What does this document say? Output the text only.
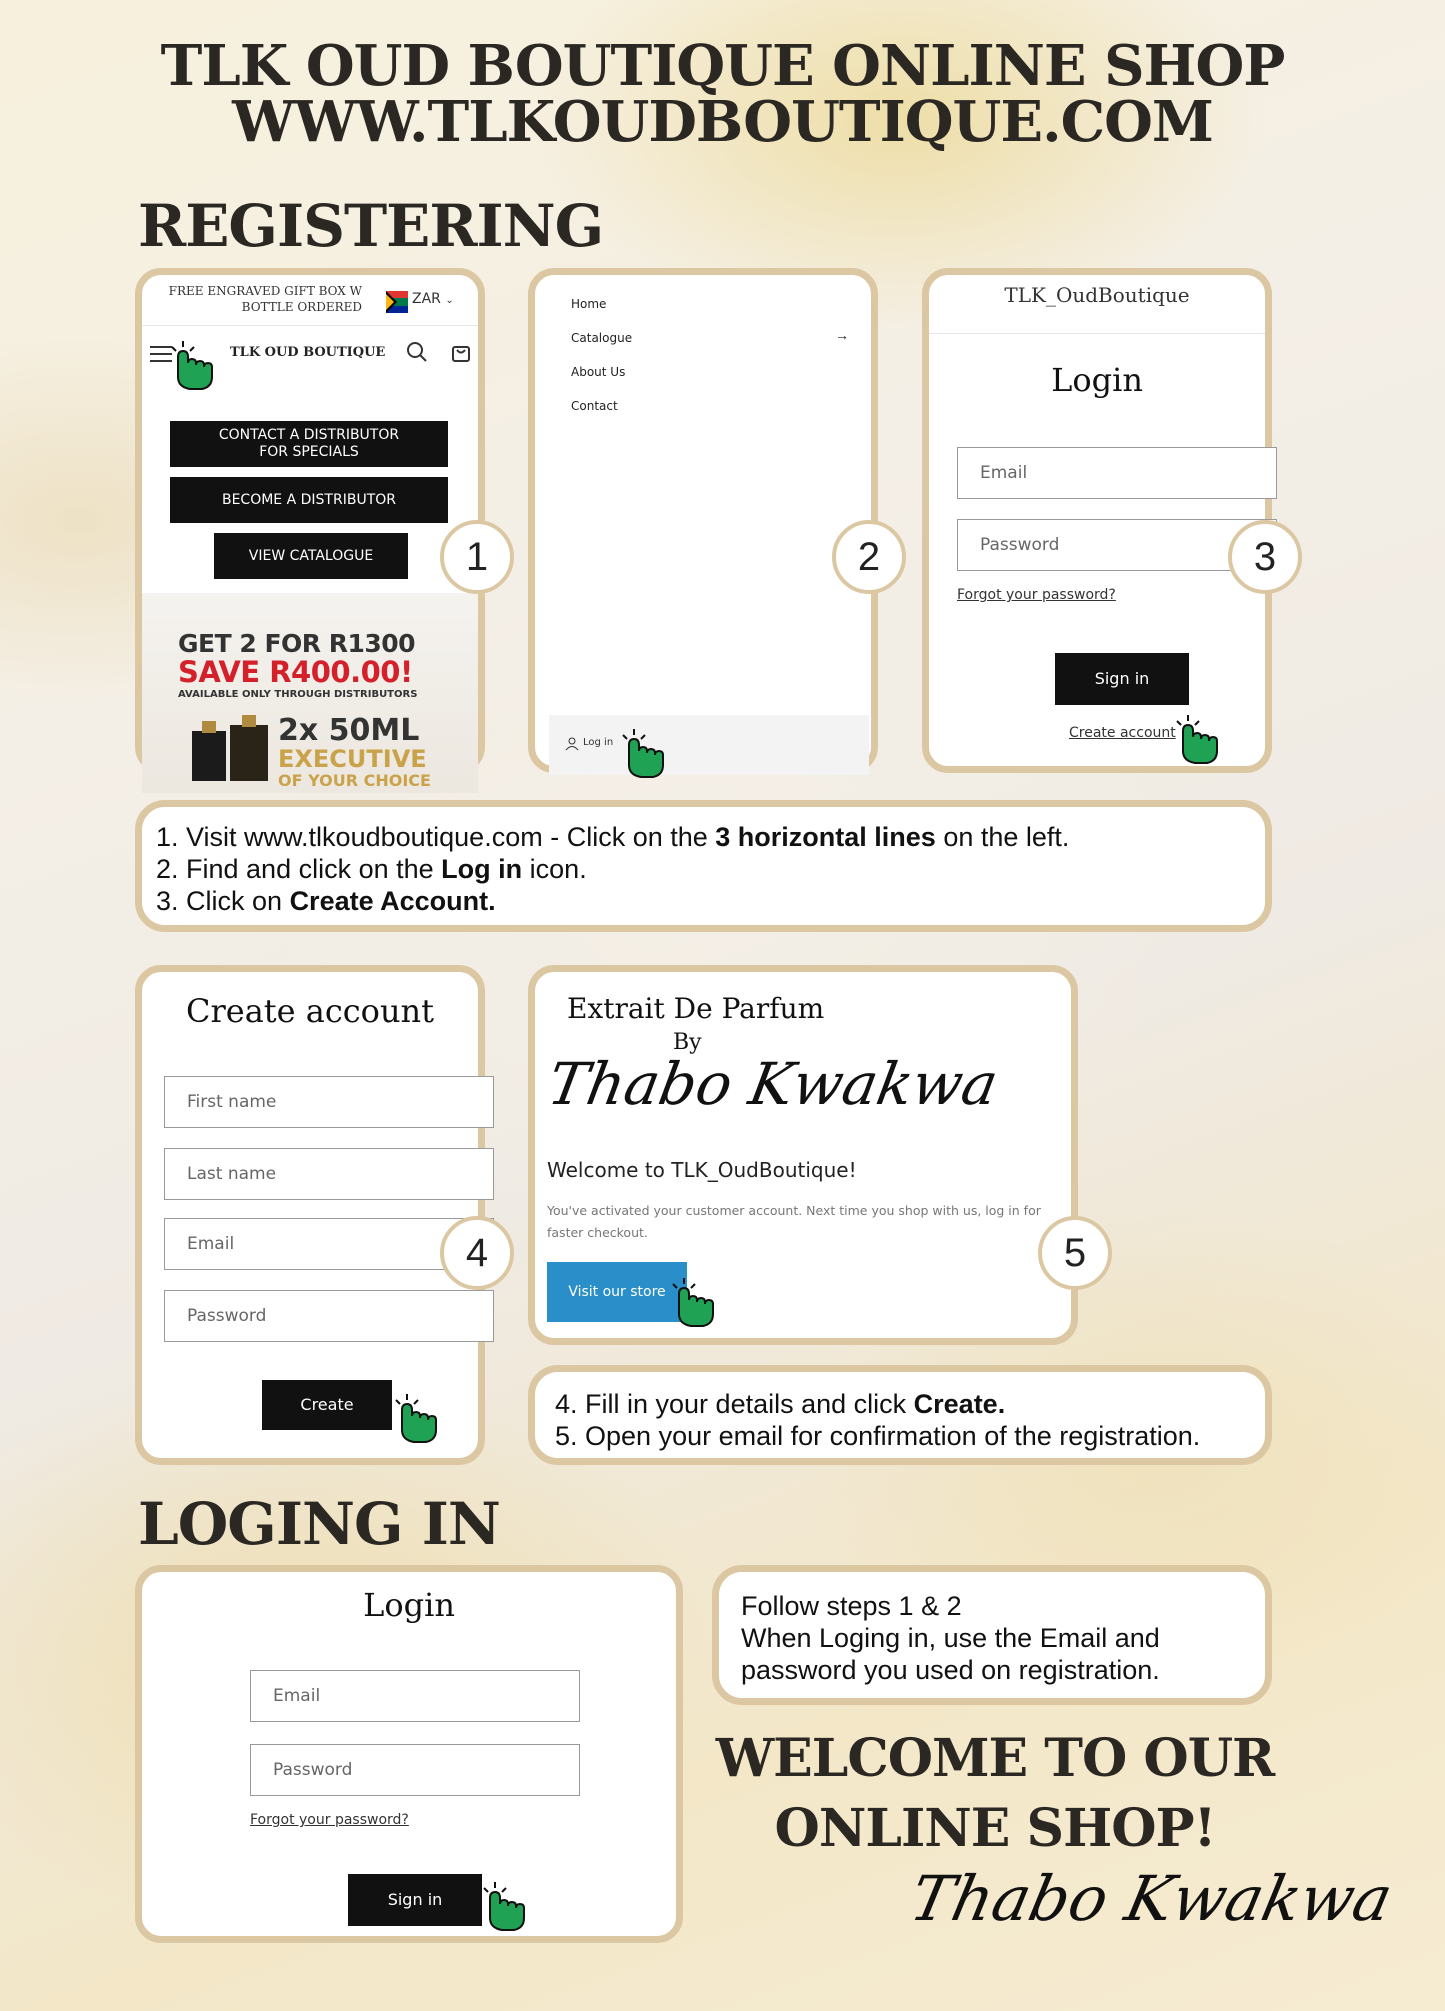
TLK OUD BOUTIQUE ONLINE SHOP
WWW.TLKOUDBOUTIQUE.COM
REGISTERING
FREE ENGRAVED GIFT BOX W
BOTTLE ORDERED	ZAR ⌄
TLK OUD BOUTIQUE
CONTACT A DISTRIBUTOR FOR SPECIALS
BECOME A DISTRIBUTOR
VIEW CATALOGUE
GET 2 FOR R1300
SAVE R400.00!
AVAILABLE ONLY THROUGH DISTRIBUTORS
2x 50ML
EXECUTIVE
OF YOUR CHOICE
1
Home
Catalogue	→
About Us
Contact
Log in
2
TLK_OudBoutique
Login
Email
Password
Forgot your password?
Sign in
Create account
3

1. Visit www.tlkoudboutique.com - Click on the 3 horizontal lines on the left.

2. Find and click on the Log in icon.

3. Click on Create Account.

Create account
First name
Last name
Email
Password
Create
4
Extrait De Parfum
By
Thabo Kwakwa
Welcome to TLK_OudBoutique!
You've activated your customer account. Next time you shop with us, log in for faster checkout.
Visit our store
5

4. Fill in your details and click Create.

5. Open your email for confirmation of the registration.

LOGING IN
Login
Email
Password
Forgot your password?
Sign in

Follow steps 1 & 2

When Loging in, use the Email and

password you used on registration.

WELCOME TO OUR
ONLINE SHOP!
Thabo Kwakwa
